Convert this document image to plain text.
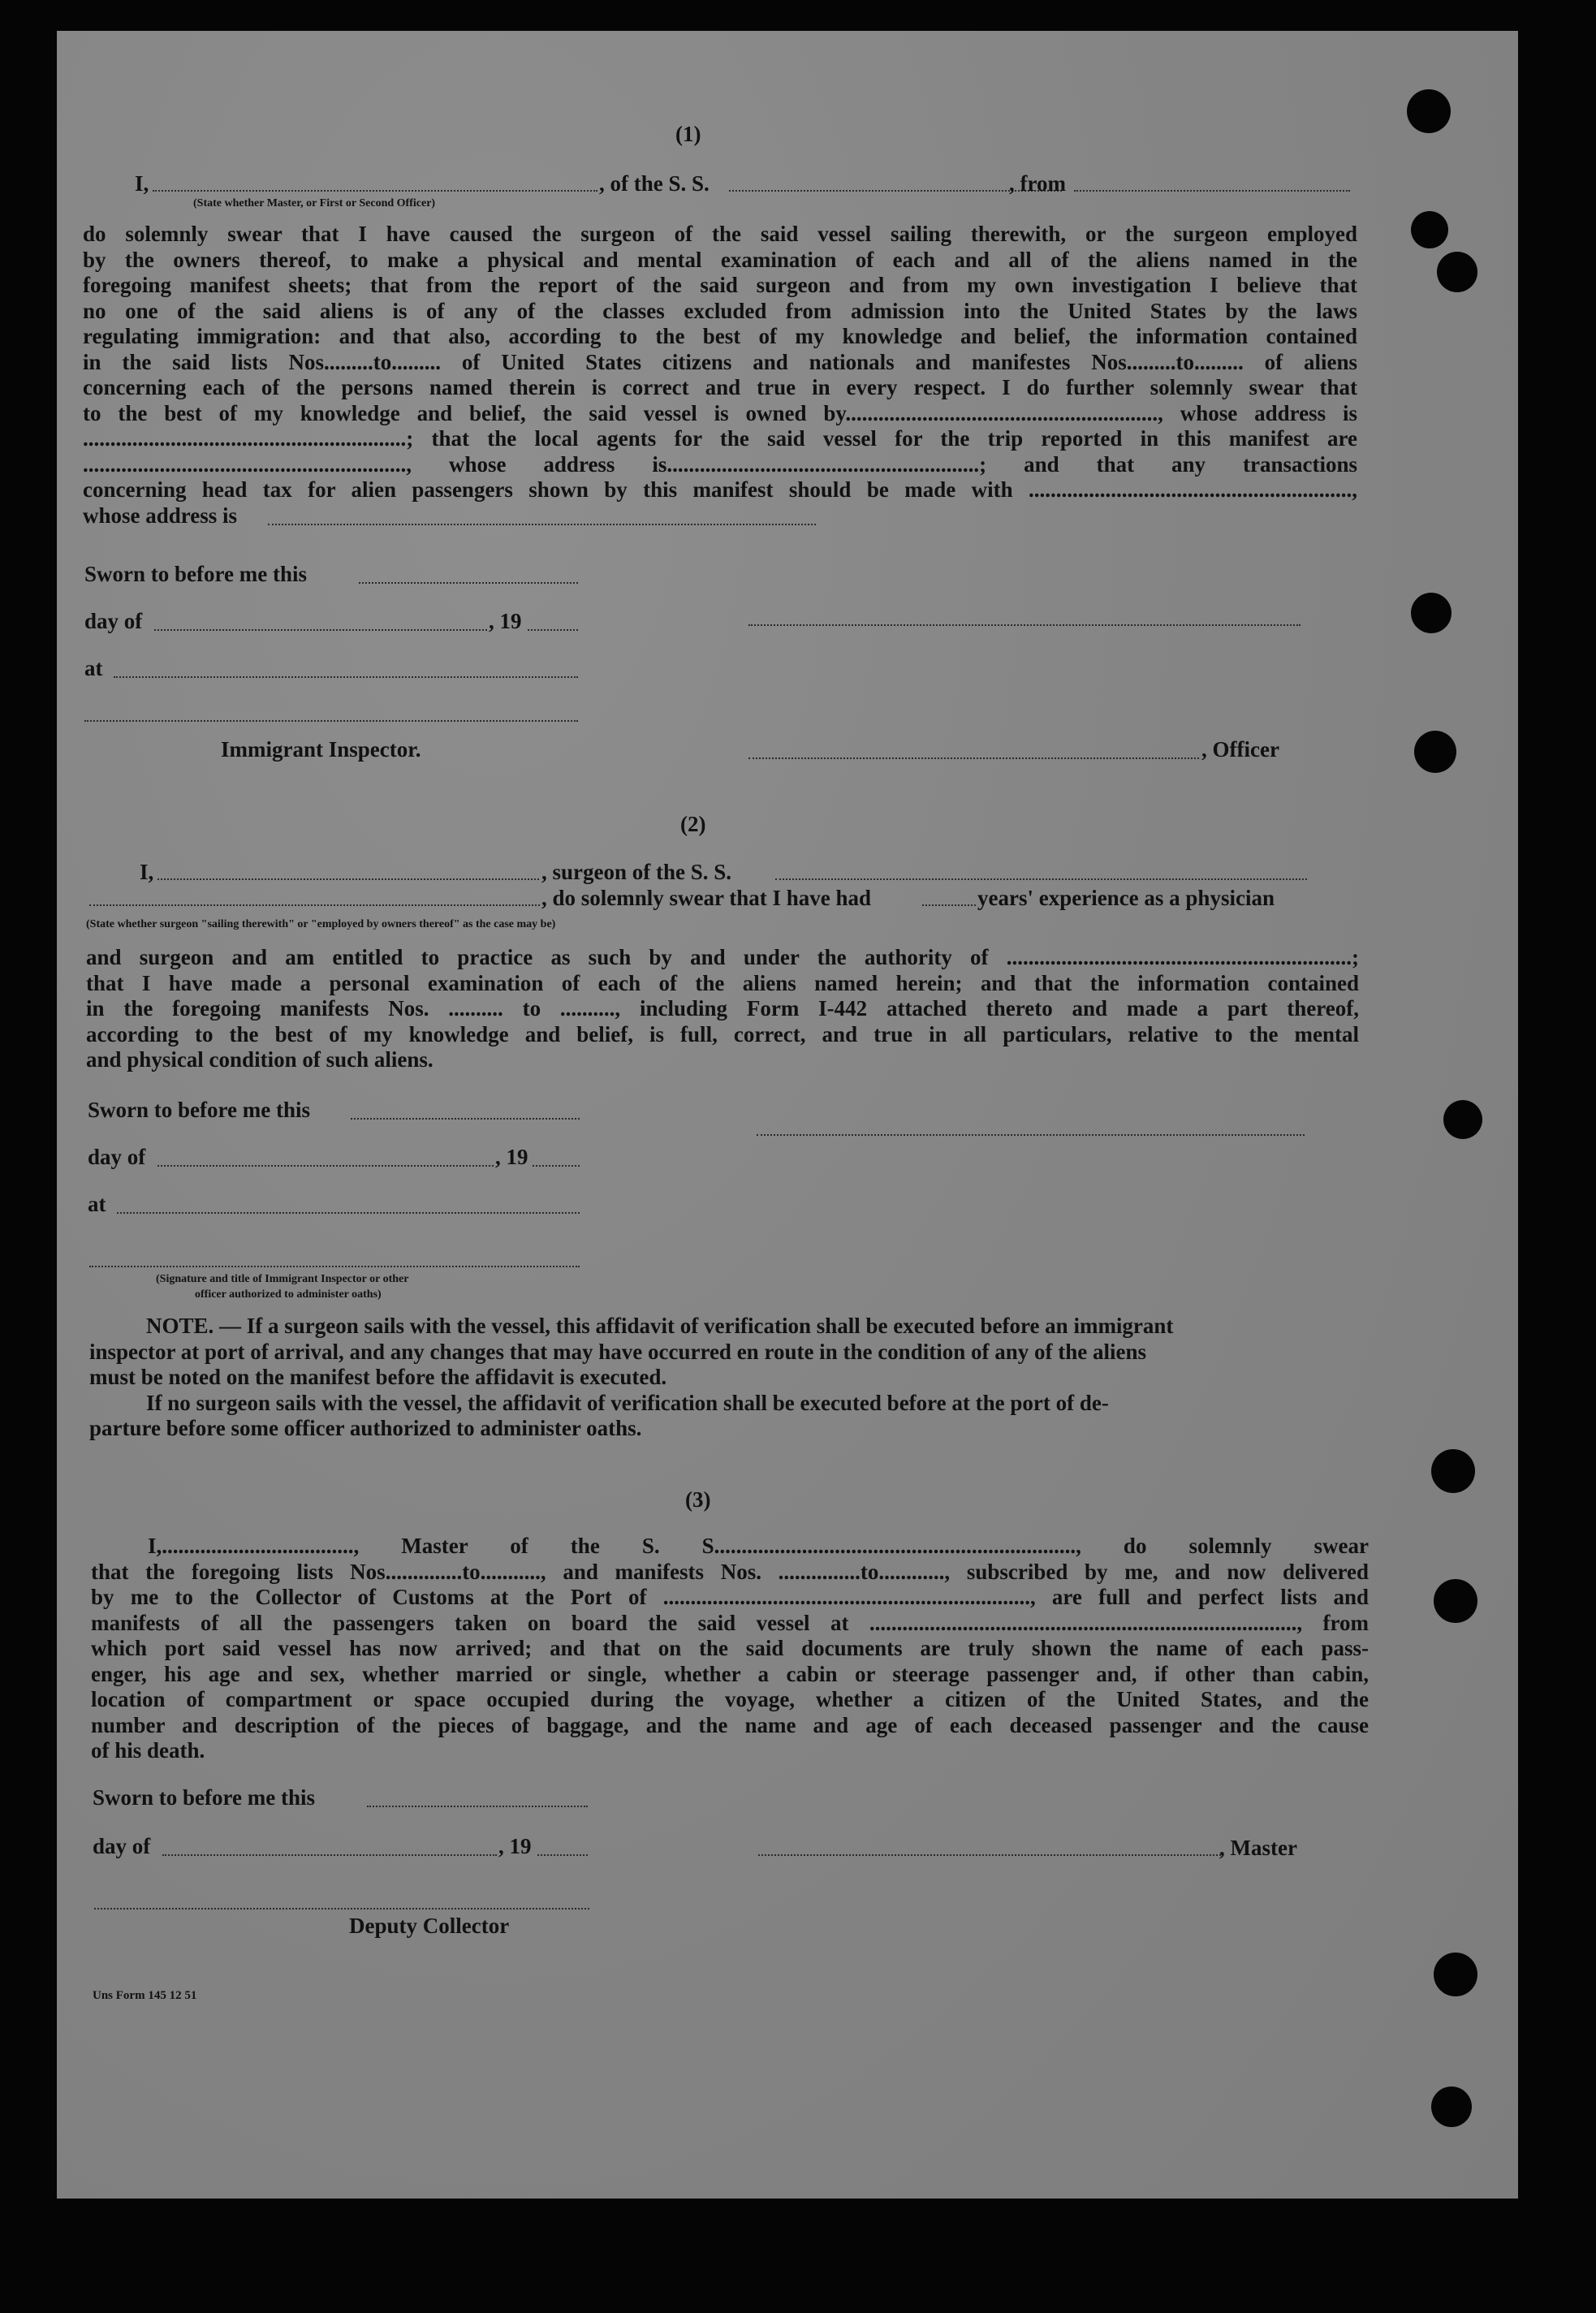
(1)
I,
(State whether Master, or First or Second Officer)
, of the S. S.	, from
do solemnly swear that I have caused the surgeon of the said vessel sailing therewith, or the surgeon employed
by the owners thereof, to make a physical and mental examination of each and all of the aliens named in the
foregoing manifest sheets; that from the report of the said surgeon and from my own investigation I believe that
no one of the said aliens is of any of the classes excluded from admission into the United States by the laws
regulating immigration: and that also, according to the best of my knowledge and belief, the information contained
in the said lists Nos.........to......... of United States citizens and nationals and manifestes Nos.........to......... of aliens
concerning each of the persons named therein is correct and true in every respect. I do further solemnly swear that
to the best of my knowledge and belief, the said vessel is owned by........................................................., whose address is
...........................................................; that the local agents for the said vessel for the trip reported in this manifest are
..........................................................., whose address is.........................................................; and that any transactions
concerning head tax for alien passengers shown by this manifest should be made with ...........................................................,
whose address is
Sworn to before me this
day of	, 19
at
Immigrant Inspector.	, Officer
(2)
I,	, surgeon of the S. S.
, do solemnly swear that I have had	years' experience as a physician
(State whether surgeon "sailing therewith" or "employed by owners thereof" as the case may be)
and surgeon and am entitled to practice as such by and under the authority of ...............................................................;
that I have made a personal examination of each of the aliens named herein; and that the information contained
in the foregoing manifests Nos. .......... to .........., including Form I-442 attached thereto and made a part thereof,
according to the best of my knowledge and belief, is full, correct, and true in all particulars, relative to the mental
and physical condition of such aliens.
Sworn to before me this
day of	, 19
at
(Signature and title of Immigrant Inspector or other
officer authorized to administer oaths)
NOTE. — If a surgeon sails with the vessel, this affidavit of verification shall be executed before an immigrant
inspector at port of arrival, and any changes that may have occurred en route in the condition of any of the aliens
must be noted on the manifest before the affidavit is executed.
If no surgeon sails with the vessel, the affidavit of verification shall be executed before at the port of de-
parture before some officer authorized to administer oaths.
(3)
I,..................................., Master of the S. S.................................................................., do solemnly swear
that the foregoing lists Nos..............to..........., and manifests Nos. ...............to............, subscribed by me, and now delivered
by me to the Collector of Customs at the Port of ..................................................................., are full and perfect lists and
manifests of all the passengers taken on board the said vessel at .............................................................................., from
which port said vessel has now arrived; and that on the said documents are truly shown the name of each pass-
enger, his age and sex, whether married or single, whether a cabin or steerage passenger and, if other than cabin,
location of compartment or space occupied during the voyage, whether a citizen of the United States, and the
number and description of the pieces of baggage, and the name and age of each deceased passenger and the cause
of his death.
Sworn to before me this
day of	, 19	, Master
Deputy Collector
Uns Form 145 12 51
